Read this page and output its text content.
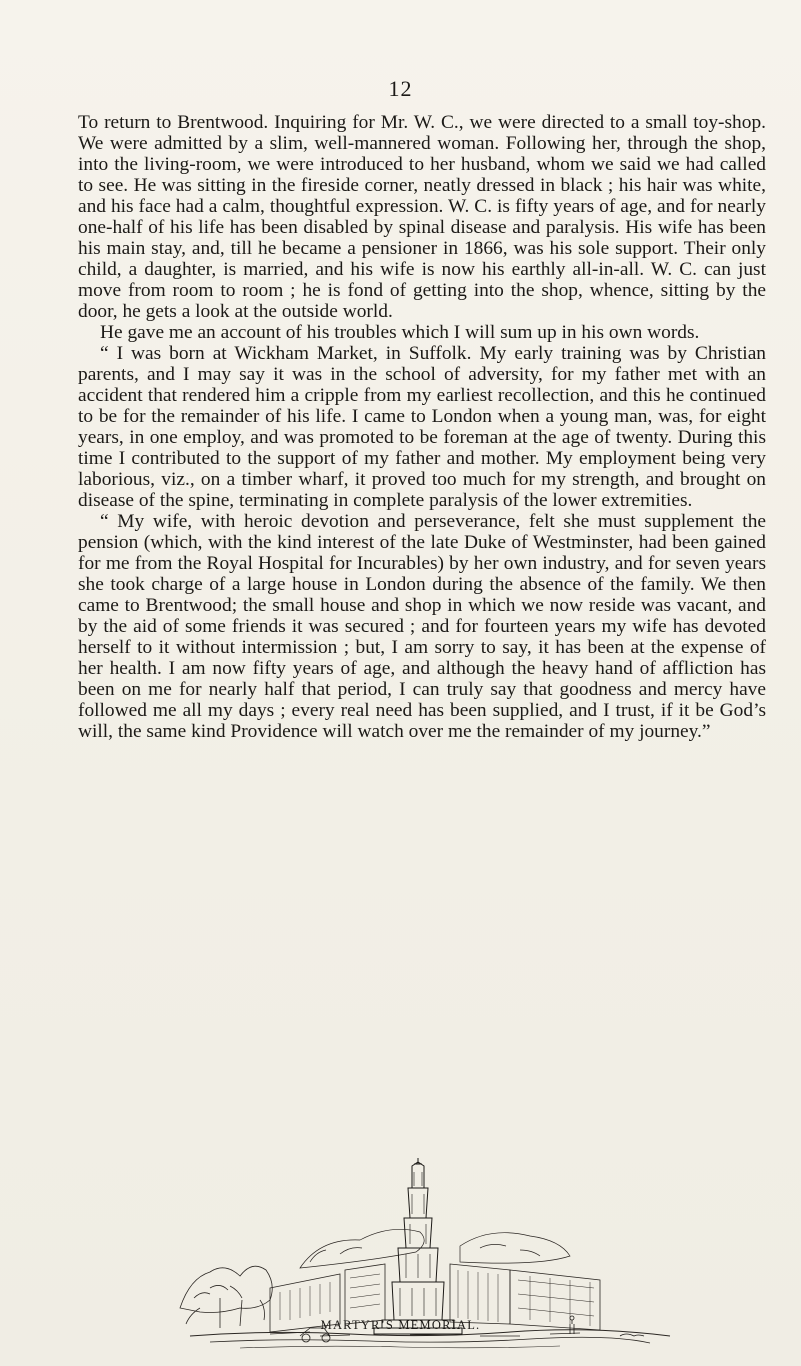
12

To return to Brentwood. Inquiring for Mr. W. C., we were directed to a small toy-shop. We were admitted by a slim, well-mannered woman. Following her, through the shop, into the living-room, we were introduced to her husband, whom we said we had called to see. He was sitting in the fireside corner, neatly dressed in black ; his hair was white, and his face had a calm, thoughtful expression. W. C. is fifty years of age, and for nearly one-half of his life has been disabled by spinal disease and paralysis. His wife has been his main stay, and, till he became a pensioner in 1866, was his sole support. Their only child, a daughter, is married, and his wife is now his earthly all-in-all. W. C. can just move from room to room ; he is fond of getting into the shop, whence, sitting by the door, he gets a look at the outside world.

He gave me an account of his troubles which I will sum up in his own words.

“ I was born at Wickham Market, in Suffolk. My early training was by Christian parents, and I may say it was in the school of adversity, for my father met with an accident that rendered him a cripple from my earliest recollection, and this he continued to be for the remainder of his life. I came to London when a young man, was, for eight years, in one employ, and was promoted to be foreman at the age of twenty. During this time I contributed to the support of my father and mother. My employment being very laborious, viz., on a timber wharf, it proved too much for my strength, and brought on disease of the spine, terminating in complete paralysis of the lower extremities.

“ My wife, with heroic devotion and perseverance, felt she must supplement the pension (which, with the kind interest of the late Duke of Westminster, had been gained for me from the Royal Hospital for Incurables) by her own industry, and for seven years she took charge of a large house in London during the absence of the family. We then came to Brentwood; the small house and shop in which we now reside was vacant, and by the aid of some friends it was secured ; and for fourteen years my wife has devoted herself to it without intermission ; but, I am sorry to say, it has been at the expense of her health. I am now fifty years of age, and although the heavy hand of affliction has been on me for nearly half that period, I can truly say that goodness and mercy have followed me all my days ; every real need has been supplied, and I trust, if it be God’s will, the same kind Providence will watch over me the remainder of my journey.”

MARTYR’S MEMORIAL.
